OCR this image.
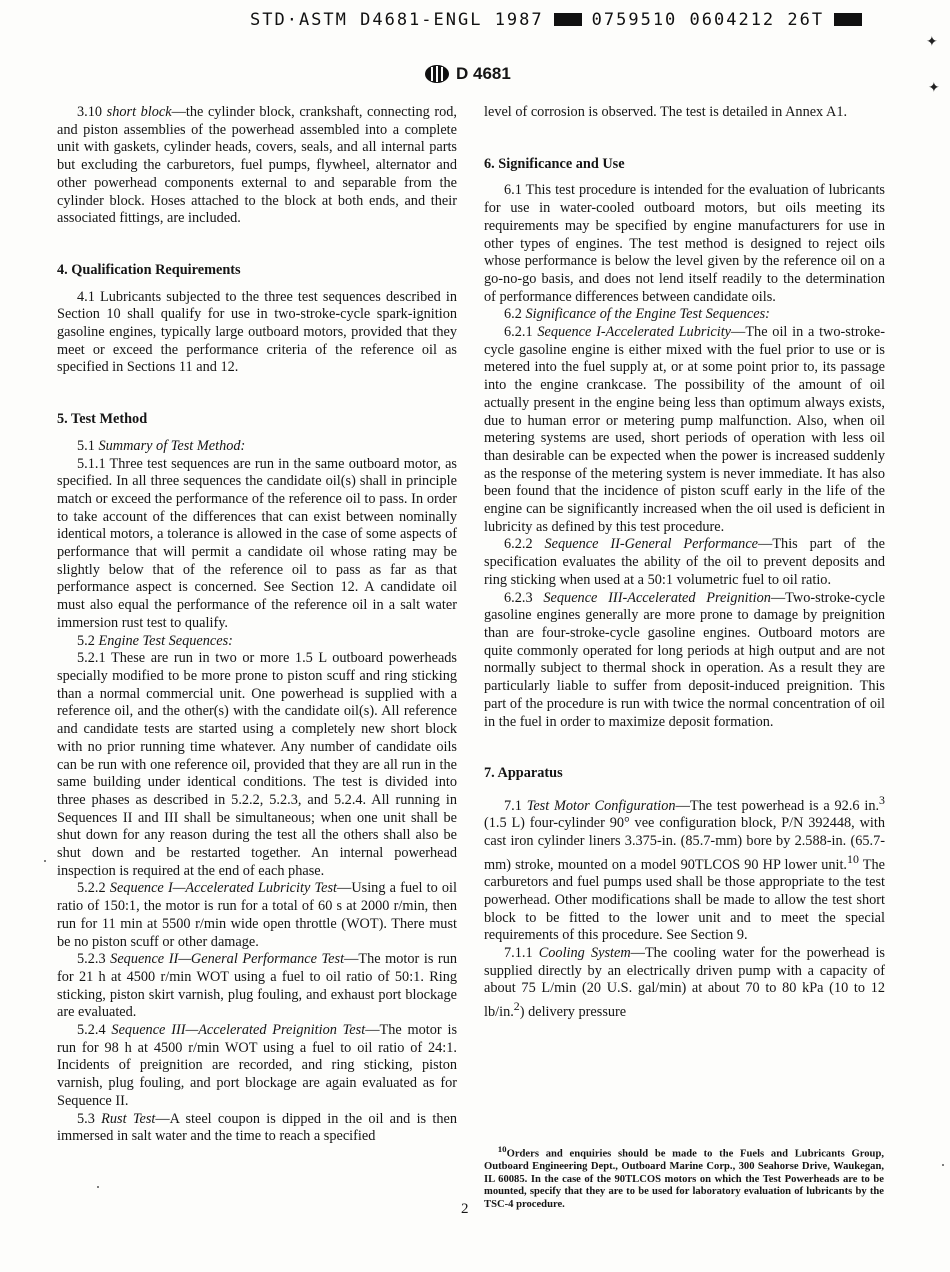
STD·ASTM D4681-ENGL 1987	0759510 0604212 26T
D 4681

3.10 short block—the cylinder block, crankshaft, connecting rod, and piston assemblies of the powerhead assembled into a complete unit with gaskets, cylinder heads, covers, seals, and all internal parts but excluding the carburetors, fuel pumps, flywheel, alternator and other powerhead components external to and separable from the cylinder block. Hoses attached to the block at both ends, and their associated fittings, are included.

4. Qualification Requirements

4.1 Lubricants subjected to the three test sequences described in Section 10 shall qualify for use in two-stroke-cycle spark-ignition gasoline engines, typically large outboard motors, provided that they meet or exceed the performance criteria of the reference oil as specified in Sections 11 and 12.

5. Test Method

5.1 Summary of Test Method:

5.1.1 Three test sequences are run in the same outboard motor, as specified. In all three sequences the candidate oil(s) shall in principle match or exceed the performance of the reference oil to pass. In order to take account of the differences that can exist between nominally identical motors, a tolerance is allowed in the case of some aspects of performance that will permit a candidate oil whose rating may be slightly below that of the reference oil to pass as far as that performance aspect is concerned. See Section 12. A candidate oil must also equal the performance of the reference oil in a salt water immersion rust test to qualify.

5.2 Engine Test Sequences:

5.2.1 These are run in two or more 1.5 L outboard powerheads specially modified to be more prone to piston scuff and ring sticking than a normal commercial unit. One powerhead is supplied with a reference oil, and the other(s) with the candidate oil(s). All reference and candidate tests are started using a completely new short block with no prior running time whatever. Any number of candidate oils can be run with one reference oil, provided that they are all run in the same building under identical conditions. The test is divided into three phases as described in 5.2.2, 5.2.3, and 5.2.4. All running in Sequences II and III shall be simultaneous; when one unit shall be shut down for any reason during the test all the others shall also be shut down and be restarted together. An internal powerhead inspection is required at the end of each phase.

5.2.2 Sequence I—Accelerated Lubricity Test—Using a fuel to oil ratio of 150:1, the motor is run for a total of 60 s at 2000 r/min, then run for 11 min at 5500 r/min wide open throttle (WOT). There must be no piston scuff or other damage.

5.2.3 Sequence II—General Performance Test—The motor is run for 21 h at 4500 r/min WOT using a fuel to oil ratio of 50:1. Ring sticking, piston skirt varnish, plug fouling, and exhaust port blockage are evaluated.

5.2.4 Sequence III—Accelerated Preignition Test—The motor is run for 98 h at 4500 r/min WOT using a fuel to oil ratio of 24:1. Incidents of preignition are recorded, and ring sticking, piston varnish, plug fouling, and port blockage are again evaluated as for Sequence II.

5.3 Rust Test—A steel coupon is dipped in the oil and is then immersed in salt water and the time to reach a specified

level of corrosion is observed. The test is detailed in Annex A1.

6. Significance and Use

6.1 This test procedure is intended for the evaluation of lubricants for use in water-cooled outboard motors, but oils meeting its requirements may be specified by engine manufacturers for use in other types of engines. The test method is designed to reject oils whose performance is below the level given by the reference oil on a go-no-go basis, and does not lend itself readily to the determination of performance differences between candidate oils.

6.2 Significance of the Engine Test Sequences:

6.2.1 Sequence I-Accelerated Lubricity—The oil in a two-stroke-cycle gasoline engine is either mixed with the fuel prior to use or is metered into the fuel supply at, or at some point prior to, its passage into the engine crankcase. The possibility of the amount of oil actually present in the engine being less than optimum always exists, due to human error or metering pump malfunction. Also, when oil metering systems are used, short periods of operation with less oil than desirable can be expected when the power is increased suddenly as the response of the metering system is never immediate. It has also been found that the incidence of piston scuff early in the life of the engine can be significantly increased when the oil used is deficient in lubricity as defined by this test procedure.

6.2.2 Sequence II-General Performance—This part of the specification evaluates the ability of the oil to prevent deposits and ring sticking when used at a 50:1 volumetric fuel to oil ratio.

6.2.3 Sequence III-Accelerated Preignition—Two-stroke-cycle gasoline engines generally are more prone to damage by preignition than are four-stroke-cycle gasoline engines. Outboard motors are quite commonly operated for long periods at high output and are not normally subject to thermal shock in operation. As a result they are particularly liable to suffer from deposit-induced preignition. This part of the procedure is run with twice the normal concentration of oil in the fuel in order to maximize deposit formation.

7. Apparatus

7.1 Test Motor Configuration—The test powerhead is a 92.6 in.$^3$ (1.5 L) four-cylinder 90° vee configuration block, P/N 392448, with cast iron cylinder liners 3.375-in. (85.7-mm) bore by 2.588-in. (65.7-mm) stroke, mounted on a model 90TLCOS 90 HP lower unit.$^{10}$ The carburetors and fuel pumps used shall be those appropriate to the test powerhead. Other modifications shall be made to allow the test short block to be fitted to the lower unit and to meet the special requirements of this procedure. See Section 9.

7.1.1 Cooling System—The cooling water for the powerhead is supplied directly by an electrically driven pump with a capacity of about 75 L/min (20 U.S. gal/min) at about 70 to 80 kPa (10 to 12 lb/in.$^2$) delivery pressure

$^{10}$Orders and enquiries should be made to the Fuels and Lubricants Group, Outboard Engineering Dept., Outboard Marine Corp., 300 Seahorse Drive, Waukegan, IL 60085. In the case of the 90TLCOS motors on which the Test Powerheads are to be mounted, specify that they are to be used for laboratory evaluation of lubricants by the TSC-4 procedure.

2
✦
✦
